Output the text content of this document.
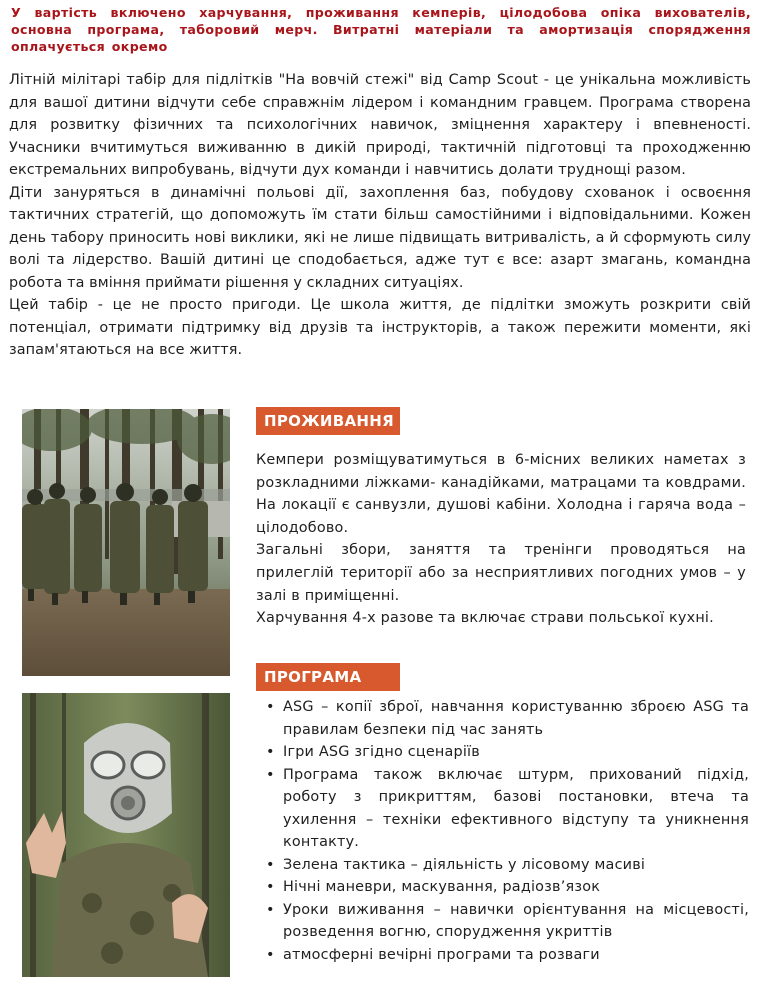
У вартість включено харчування, проживання кемперів, цілодобова опіка вихователів, основна програма, таборовий мерч. Витратні матеріали та амортизація спорядження оплачується окремо

Літній мілітарі табір для підлітків "На вовчій стежі" від Camp Scout - це унікальна можливість для вашої дитини відчути себе справжнім лідером і командним гравцем. Програма створена для розвитку фізичних та психологічних навичок, зміцнення характеру і впевненості. Учасники вчитимуться виживанню в дикій природі, тактичній підготовці та проходженню екстремальних випробувань, відчути дух команди і навчитись долати труднощі разом.

Діти зануряться в динамічні польові дії, захоплення баз, побудову схованок і освоєння тактичних стратегій, що допоможуть їм стати більш самостійними і відповідальними. Кожен день табору приносить нові виклики, які не лише підвищать витривалість, а й сформують силу волі та лідерство. Вашій дитині це сподобається, адже тут є все: азарт змагань, командна робота та вміння приймати рішення у складних ситуаціях.

Цей табір - це не просто пригоди. Це школа життя, де підлітки зможуть розкрити свій потенціал, отримати підтримку від друзів та інструкторів, а також пережити моменти, які запам'ятаються на все життя.

ПРОЖИВАННЯ

Кемпери розміщуватимуться в 6-місних великих наметах з розкладними ліжками- канадійками, матрацами та ковдрами. На локації є санвузли, душові кабіни. Холодна і гаряча вода – цілодобово.

Загальні збори, заняття та тренінги проводяться на прилеглій території або за несприятливих погодних умов – у залі в приміщенні.

Харчування 4-х разове та включає страви польської кухні.

ПРОГРАМА
• ASG – копії зброї, навчання користуванню зброєю ASG та правилам безпеки під час занять
• Ігри ASG згідно сценаріїв
• Програма також включає штурм, прихований підхід, роботу з прикриттям, базові постановки, втеча та ухилення – техніки ефективного відступу та уникнення контакту.
• Зелена тактика – діяльність у лісовому масиві
• Нічні маневри, маскування, радіозв’язок
• Уроки виживання – навички орієнтування на місцевості, розведення вогню, спорудження укриттів
• атмосферні вечірні програми та розваги
